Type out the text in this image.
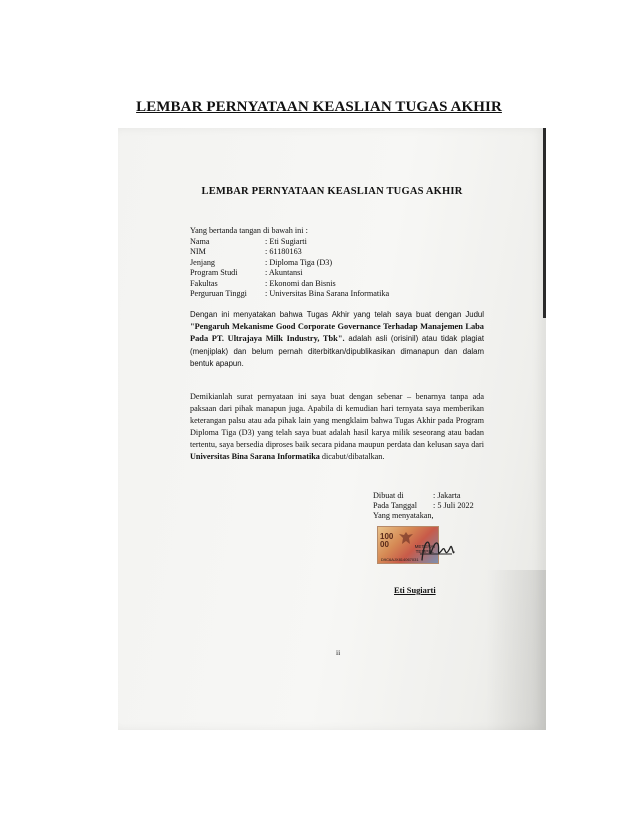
LEMBAR PERNYATAAN KEASLIAN TUGAS AKHIR
LEMBAR PERNYATAAN KEASLIAN TUGAS AKHIR
Yang bertanda tangan di bawah ini :
Nama	: Eti Sugiarti
NIM	: 61180163
Jenjang	: Diploma Tiga (D3)
Program Studi	: Akuntansi
Fakultas	: Ekonomi dan Bisnis
Perguruan Tinggi	: Universitas Bina Sarana Informatika
Dengan ini menyatakan bahwa Tugas Akhir yang telah saya buat dengan Judul "Pengaruh Mekanisme Good Corporate Governance Terhadap Manajemen Laba Pada PT. Ultrajaya Milk Industry, Tbk". adalah asli (orisinil) atau tidak plagiat (menjiplak) dan belum pernah diterbitkan/dipublikasikan dimanapun dan dalam bentuk apapun.
Demikianlah surat pernyataan ini saya buat dengan sebenar – benarnya tanpa ada paksaan dari pihak manapun juga. Apabila di kemudian hari ternyata saya memberikan keterangan palsu atau ada pihak lain yang mengklaim bahwa Tugas Akhir pada Program Diploma Tiga (D3) yang telah saya buat adalah hasil karya milik seseorang atau badan tertentu, saya bersedia diproses baik secara pidana maupun perdata dan kelusan saya dari Universitas Bina Sarana Informatika dicabut/dibatalkan.
Dibuat di	: Jakarta
Pada Tanggal	: 5 Juli 2022
Yang menyatakan,	
10000	METERAI
TEMPEL
D9C6AJX814067031
Eti Sugiarti
ii
